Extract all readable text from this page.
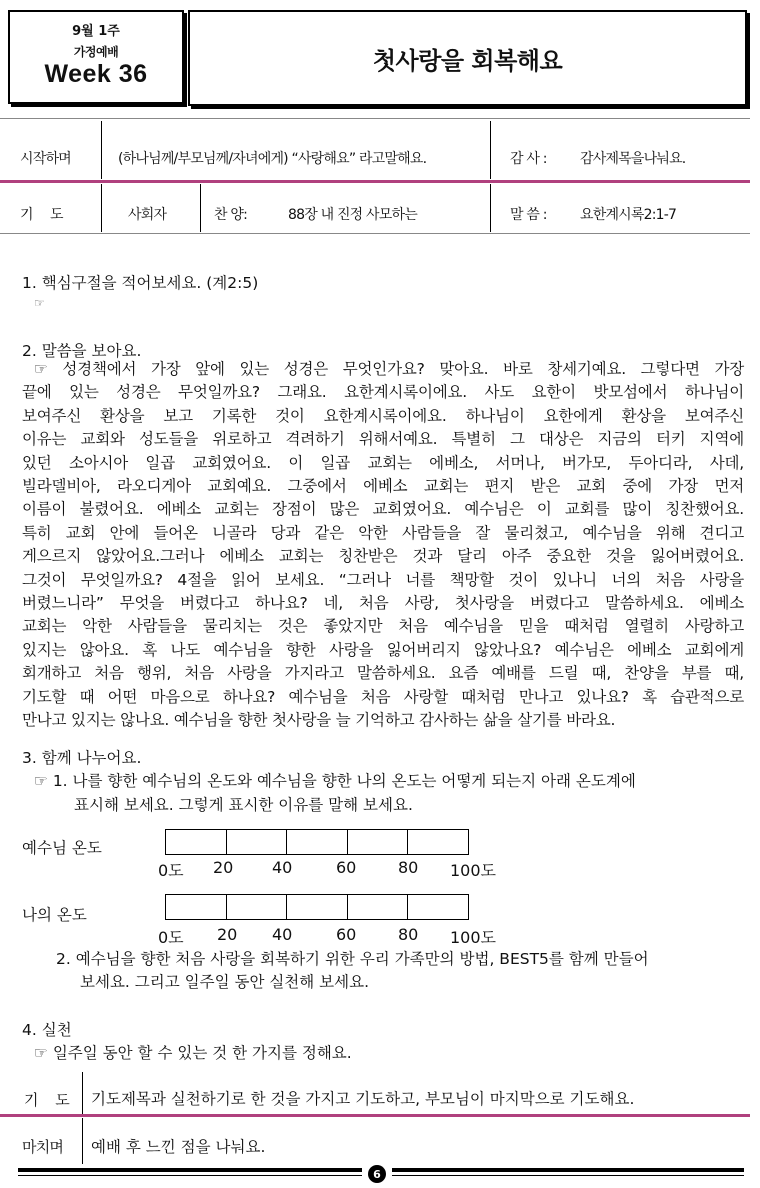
9월 1주
가정예배
Week 36	첫사랑을 회복해요
시작하며	(하나님께/부모님께/자녀에게) “사랑해요” 라고말해요.	감 사 : 감사제목을나눠요.
기 도	사회자	찬 양:	88장 내 진정 사모하는	말 씀 : 요한계시록2:1-7
1. 핵심구절을 적어보세요. (계2:5)
☞
2. 말씀을 보아요.
☞ 성경책에서 가장 앞에 있는 성경은 무엇인가요? 맞아요. 바로 창세기예요. 그렇다면 가장
끝에 있는 성경은 무엇일까요? 그래요. 요한계시록이에요. 사도 요한이 밧모섬에서 하나님이
보여주신 환상을 보고 기록한 것이 요한계시록이에요. 하나님이 요한에게 환상을 보여주신
이유는 교회와 성도들을 위로하고 격려하기 위해서예요. 특별히 그 대상은 지금의 터키 지역에
있던 소아시아 일곱 교회였어요. 이 일곱 교회는 에베소, 서머나, 버가모, 두아디라, 사데,
빌라델비아, 라오디게아 교회예요. 그중에서 에베소 교회는 편지 받은 교회 중에 가장 먼저
이름이 불렸어요. 에베소 교회는 장점이 많은 교회였어요. 예수님은 이 교회를 많이 칭찬했어요.
특히 교회 안에 들어온 니골라 당과 같은 악한 사람들을 잘 물리쳤고, 예수님을 위해 견디고
게으르지 않았어요.그러나 에베소 교회는 칭찬받은 것과 달리 아주 중요한 것을 잃어버렸어요.
그것이 무엇일까요? 4절을 읽어 보세요. “그러나 너를 책망할 것이 있나니 너의 처음 사랑을
버렸느니라” 무엇을 버렸다고 하나요? 네, 처음 사랑, 첫사랑을 버렸다고 말씀하세요. 에베소
교회는 악한 사람들을 물리치는 것은 좋았지만 처음 예수님을 믿을 때처럼 열렬히 사랑하고
있지는 않아요. 혹 나도 예수님을 향한 사랑을 잃어버리지 않았나요? 예수님은 에베소 교회에게
회개하고 처음 행위, 처음 사랑을 가지라고 말씀하세요. 요즘 예배를 드릴 때, 찬양을 부를 때,
기도할 때 어떤 마음으로 하나요? 예수님을 처음 사랑할 때처럼 만나고 있나요? 혹 습관적으로
만나고 있지는 않나요. 예수님을 향한 첫사랑을 늘 기억하고 감사하는 삶을 살기를 바라요.
3. 함께 나누어요.
☞ 1. 나를 향한 예수님의 온도와 예수님을 향한 나의 온도는 어떻게 되는지 아래 온도계에
표시해 보세요. 그렇게 표시한 이유를 말해 보세요.
예수님 온도
0도 20 40	60	80 100도
나의 온도
0도 20 40	60	80 100도
2. 예수님을 향한 처음 사랑을 회복하기 위한 우리 가족만의 방법, BEST5를 함께 만들어
보세요. 그리고 일주일 동안 실천해 보세요.
4. 실천
☞ 일주일 동안 할 수 있는 것 한 가지를 정해요.
기 도 기도제목과 실천하기로 한 것을 가지고 기도하고, 부모님이 마지막으로 기도해요.
마치며 예배 후 느낀 점을 나눠요.
6
